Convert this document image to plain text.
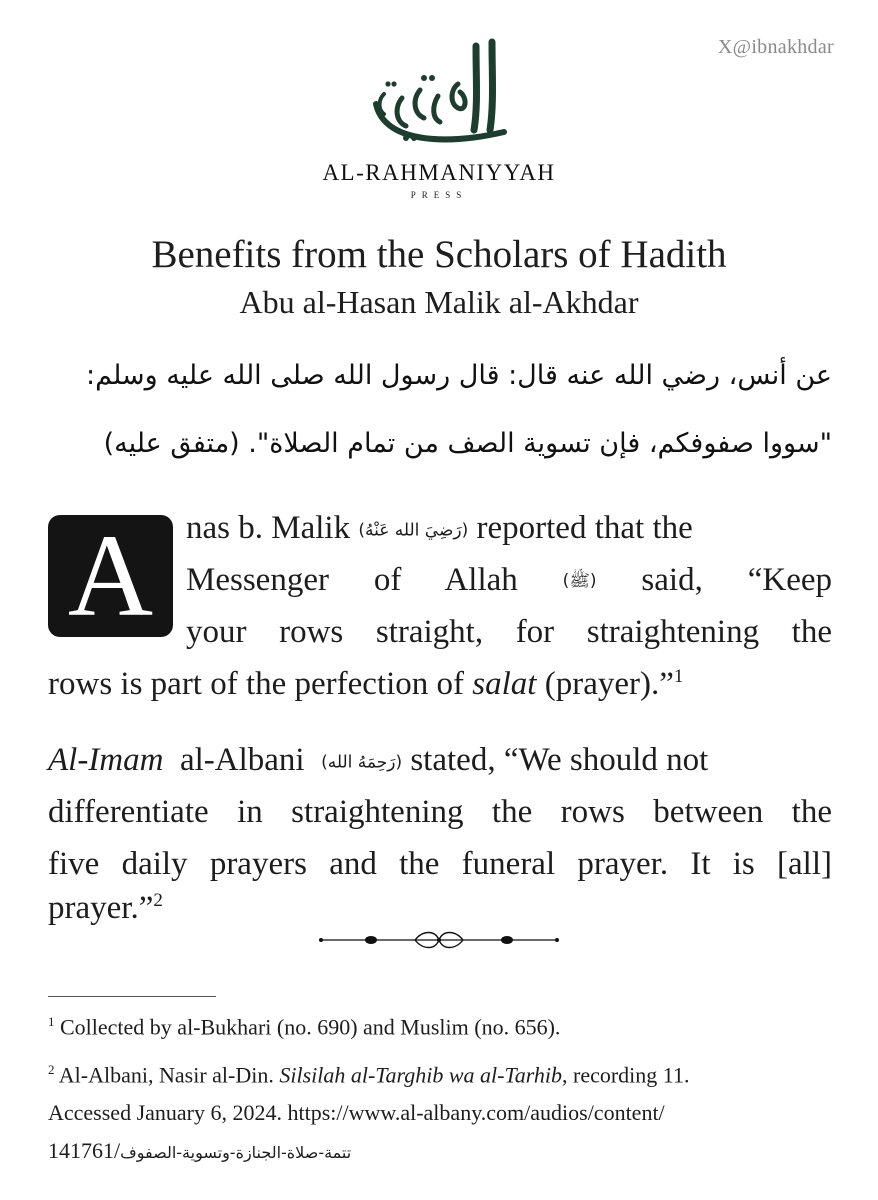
X@ibnakhdar
AL-RAHMANIYYAH
PRESS
Benefits from the Scholars of Hadith
Abu al-Hasan Malik al-Akhdar
عن أنس، رضي الله عنه قال: قال رسول الله صلى الله عليه وسلم:
"سووا صفوفكم، فإن تسوية الصف من تمام الصلاة". (متفق عليه)
A nas b. Malik (رَضِيَ الله عَنْهُ) reported that the
Messenger of Allah	(ﷺ) said, “Keep
your rows straight, for straightening the
rows is part of the perfection of salat (prayer).”$^1$
Al-Imam al-Albani (رَحِمَهُ الله) stated, “We should not
differentiate in straightening the rows between the
five daily prayers and the funeral prayer. It is [all]
prayer.”$^2$
$^1$ Collected by al-Bukhari (no. 690) and Muslim (no. 656).
$^2$ Al-Albani, Nasir al-Din. Silsilah al-Targhib wa al-Tarhib, recording 11.
Accessed January 6, 2024. https://www.al-albany.com/audios/content/
141761/تتمة-صلاة-الجنازة-وتسوية-الصفوف
